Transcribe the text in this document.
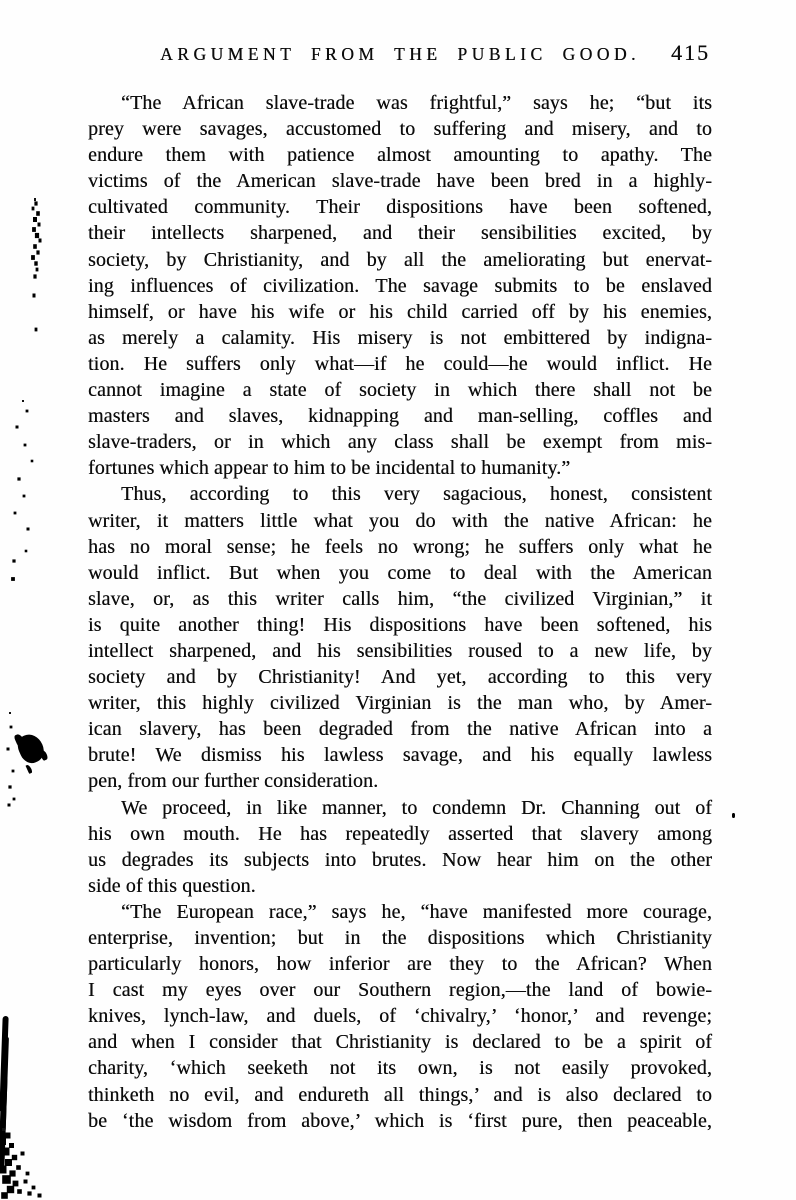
ARGUMENT FROM THE PUBLIC GOOD.	415
“The African slave-trade was frightful,” says he; “but its
prey were savages, accustomed to suffering and misery, and to
endure them with patience almost amounting to apathy. The
victims of the American slave-trade have been bred in a highly-
cultivated community. Their dispositions have been softened,
their intellects sharpened, and their sensibilities excited, by
society, by Christianity, and by all the ameliorating but enervat-
ing influences of civilization. The savage submits to be enslaved
himself, or have his wife or his child carried off by his enemies,
as merely a calamity. His misery is not embittered by indigna-
tion. He suffers only what—if he could—he would inflict. He
cannot imagine a state of society in which there shall not be
masters and slaves, kidnapping and man-selling, coffles and
slave-traders, or in which any class shall be exempt from mis-
fortunes which appear to him to be incidental to humanity.”
Thus, according to this very sagacious, honest, consistent
writer, it matters little what you do with the native African: he
has no moral sense; he feels no wrong; he suffers only what he
would inflict. But when you come to deal with the American
slave, or, as this writer calls him, “the civilized Virginian,” it
is quite another thing! His dispositions have been softened, his
intellect sharpened, and his sensibilities roused to a new life, by
society and by Christianity! And yet, according to this very
writer, this highly civilized Virginian is the man who, by Amer-
ican slavery, has been degraded from the native African into a
brute! We dismiss his lawless savage, and his equally lawless
pen, from our further consideration.
We proceed, in like manner, to condemn Dr. Channing out of
his own mouth. He has repeatedly asserted that slavery among
us degrades its subjects into brutes. Now hear him on the other
side of this question.
“The European race,” says he, “have manifested more courage,
enterprise, invention; but in the dispositions which Christianity
particularly honors, how inferior are they to the African? When
I cast my eyes over our Southern region,—the land of bowie-
knives, lynch-law, and duels, of ‘chivalry,’ ‘honor,’ and revenge;
and when I consider that Christianity is declared to be a spirit of
charity, ‘which seeketh not its own, is not easily provoked,
thinketh no evil, and endureth all things,’ and is also declared to
be ‘the wisdom from above,’ which is ‘first pure, then peaceable,
